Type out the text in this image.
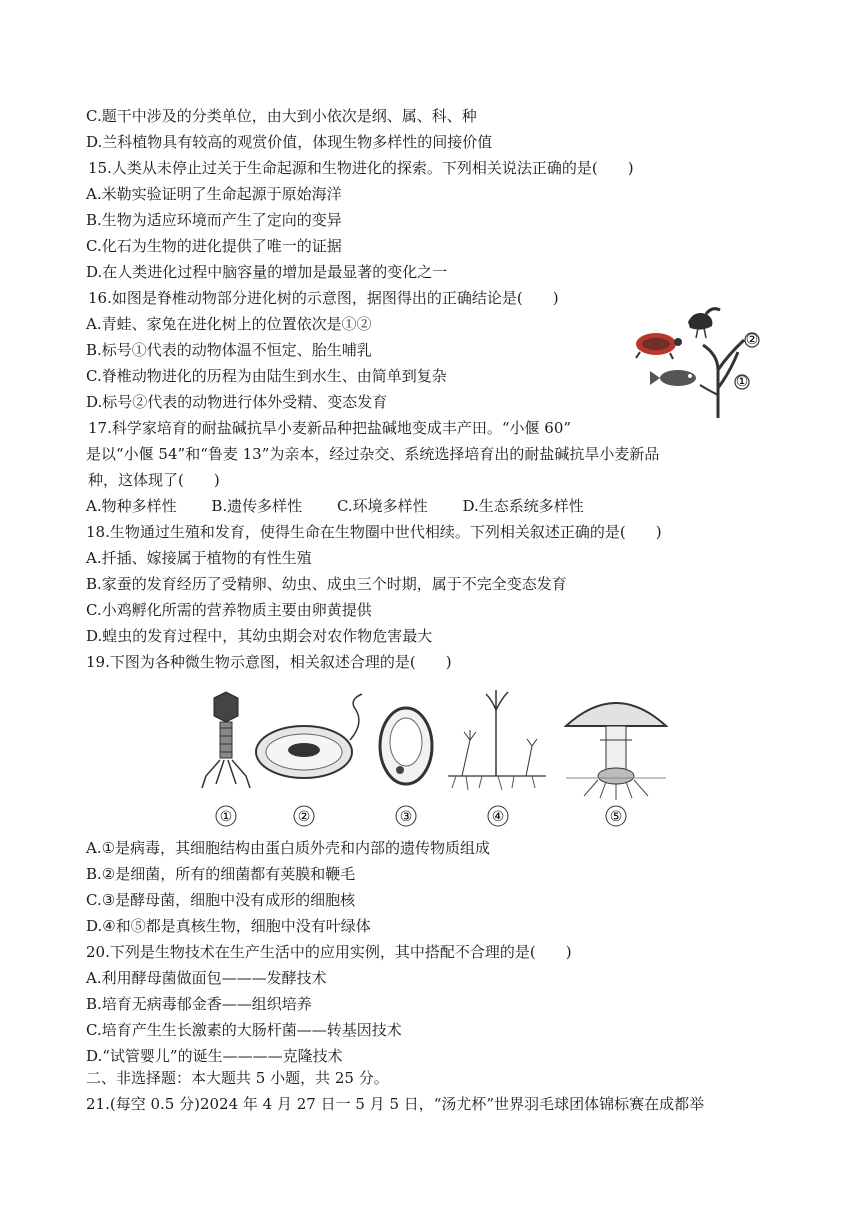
C.题干中涉及的分类单位，由大到小依次是纲、属、科、种
D.兰科植物具有较高的观赏价值，体现生物多样性的间接价值
15.人类从未停止过关于生命起源和生物进化的探索。下列相关说法正确的是(　　)
A.米勒实验证明了生命起源于原始海洋
B.生物为适应环境而产生了定向的变异
C.化石为生物的进化提供了唯一的证据
D.在人类进化过程中脑容量的增加是最显著的变化之一
16.如图是脊椎动物部分进化树的示意图，据图得出的正确结论是(　　)
A.青蛙、家兔在进化树上的位置依次是①②
B.标号①代表的动物体温不恒定、胎生哺乳
C.脊椎动物进化的历程为由陆生到水生、由简单到复杂
D.标号②代表的动物进行体外受精、变态发育
②
①
17.科学家培育的耐盐碱抗旱小麦新品种把盐碱地变成丰产田。“小偃 60”
是以“小偃 54”和“鲁麦 13”为亲本，经过杂交、系统选择培育出的耐盐碱抗旱小麦新品
种，这体现了(　　)
A.物种多样性 B.遗传多样性 C.环境多样性 D.生态系统多样性
18.生物通过生殖和发育，使得生命在生物圈中世代相续。下列相关叙述正确的是(　　)
A.扦插、嫁接属于植物的有性生殖
B.家蚕的发育经历了受精卵、幼虫、成虫三个时期，属于不完全变态发育
C.小鸡孵化所需的营养物质主要由卵黄提供
D.蝗虫的发育过程中，其幼虫期会对农作物危害最大
19.下图为各种微生物示意图，相关叙述合理的是(　　)
①	②	③	④	⑤
A.①是病毒，其细胞结构由蛋白质外壳和内部的遗传物质组成
B.②是细菌，所有的细菌都有荚膜和鞭毛
C.③是酵母菌，细胞中没有成形的细胞核
D.④和⑤都是真核生物，细胞中没有叶绿体
20.下列是生物技术在生产生活中的应用实例，其中搭配不合理的是(　　)
A.利用酵母菌做面包———发酵技术
B.培育无病毒郁金香——组织培养
C.培育产生生长激素的大肠杆菌——转基因技术
D.“试管婴儿”的诞生————克隆技术
二、非选择题：本大题共 5 小题，共 25 分。
21.(每空 0.5 分)2024 年 4 月 27 日一 5 月 5 日，“汤尤杯”世界羽毛球团体锦标赛在成都举
